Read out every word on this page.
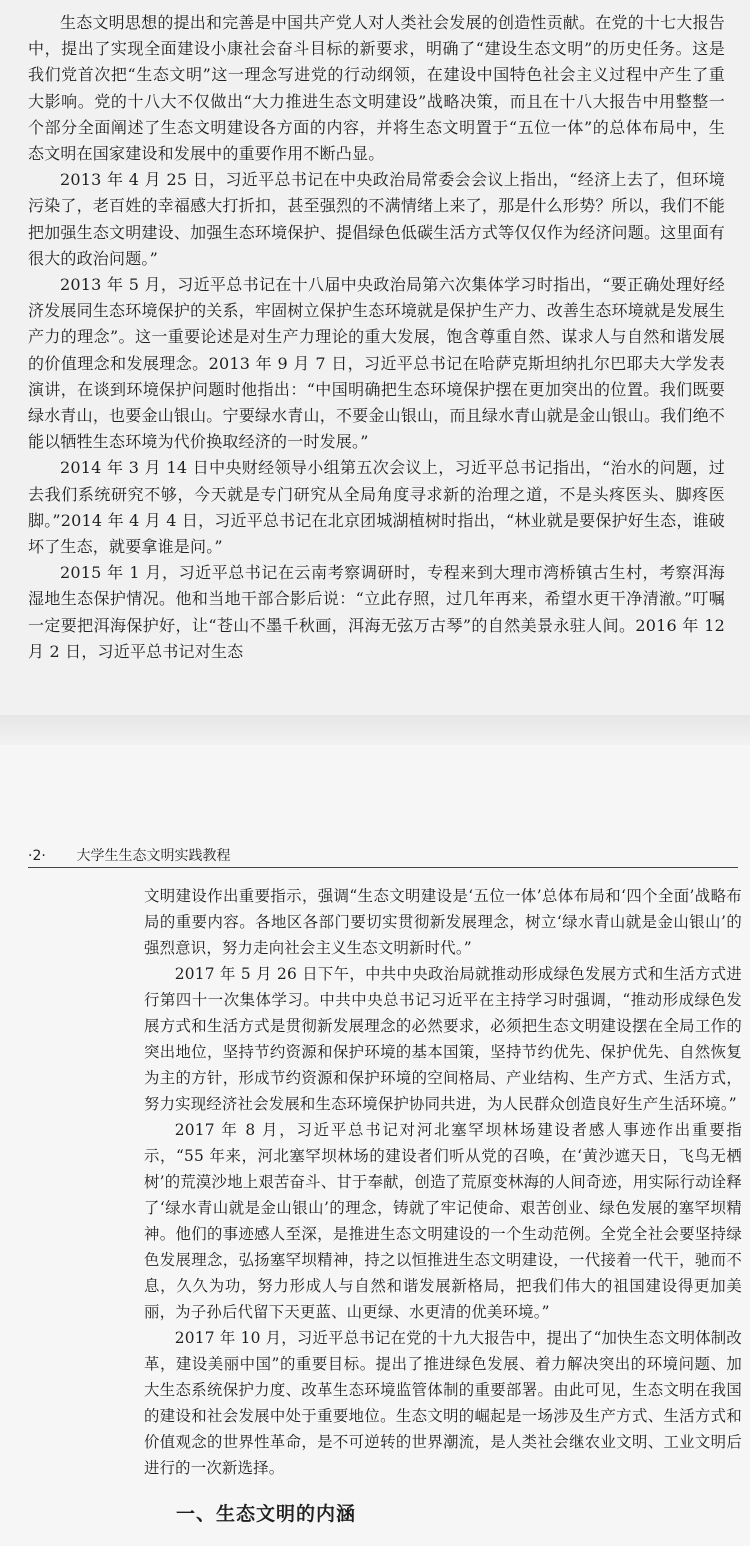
生态文明思想的提出和完善是中国共产党人对人类社会发展的创造性贡献。在党的十七大报告中，提出了实现全面建设小康社会奋斗目标的新要求，明确了“建设生态文明”的历史任务。这是我们党首次把“生态文明”这一理念写进党的行动纲领，在建设中国特色社会主义过程中产生了重大影响。党的十八大不仅做出“大力推进生态文明建设”战略决策，而且在十八大报告中用整整一个部分全面阐述了生态文明建设各方面的内容，并将生态文明置于“五位一体”的总体布局中，生态文明在国家建设和发展中的重要作用不断凸显。

2013 年 4 月 25 日，习近平总书记在中央政治局常委会会议上指出，“经济上去了，但环境污染了，老百姓的幸福感大打折扣，甚至强烈的不满情绪上来了，那是什么形势？所以，我们不能把加强生态文明建设、加强生态环境保护、提倡绿色低碳生活方式等仅仅作为经济问题。这里面有很大的政治问题。”

2013 年 5 月，习近平总书记在十八届中央政治局第六次集体学习时指出，“要正确处理好经济发展同生态环境保护的关系，牢固树立保护生态环境就是保护生产力、改善生态环境就是发展生产力的理念”。这一重要论述是对生产力理论的重大发展，饱含尊重自然、谋求人与自然和谐发展的价值理念和发展理念。2013 年 9 月 7 日，习近平总书记在哈萨克斯坦纳扎尔巴耶夫大学发表演讲，在谈到环境保护问题时他指出：“中国明确把生态环境保护摆在更加突出的位置。我们既要绿水青山，也要金山银山。宁要绿水青山，不要金山银山，而且绿水青山就是金山银山。我们绝不能以牺牲生态环境为代价换取经济的一时发展。”

2014 年 3 月 14 日中央财经领导小组第五次会议上，习近平总书记指出，“治水的问题，过去我们系统研究不够，今天就是专门研究从全局角度寻求新的治理之道，不是头疼医头、脚疼医脚。”2014 年 4 月 4 日，习近平总书记在北京团城湖植树时指出，“林业就是要保护好生态，谁破坏了生态，就要拿谁是问。”

2015 年 1 月，习近平总书记在云南考察调研时，专程来到大理市湾桥镇古生村，考察洱海湿地生态保护情况。他和当地干部合影后说：“立此存照，过几年再来，希望水更干净清澈。”叮嘱一定要把洱海保护好，让“苍山不墨千秋画，洱海无弦万古琴”的自然美景永驻人间。2016 年 12 月 2 日，习近平总书记对生态

·2· 大学生生态文明实践教程

文明建设作出重要指示，强调“生态文明建设是‘五位一体’总体布局和‘四个全面’战略布局的重要内容。各地区各部门要切实贯彻新发展理念，树立‘绿水青山就是金山银山’的强烈意识，努力走向社会主义生态文明新时代。”

2017 年 5 月 26 日下午，中共中央政治局就推动形成绿色发展方式和生活方式进行第四十一次集体学习。中共中央总书记习近平在主持学习时强调，“推动形成绿色发展方式和生活方式是贯彻新发展理念的必然要求，必须把生态文明建设摆在全局工作的突出地位，坚持节约资源和保护环境的基本国策，坚持节约优先、保护优先、自然恢复为主的方针，形成节约资源和保护环境的空间格局、产业结构、生产方式、生活方式，努力实现经济社会发展和生态环境保护协同共进，为人民群众创造良好生产生活环境。”

2017 年 8 月，习近平总书记对河北塞罕坝林场建设者感人事迹作出重要指示，“55 年来，河北塞罕坝林场的建设者们听从党的召唤，在‘黄沙遮天日，飞鸟无栖树’的荒漠沙地上艰苦奋斗、甘于奉献，创造了荒原变林海的人间奇迹，用实际行动诠释了‘绿水青山就是金山银山’的理念，铸就了牢记使命、艰苦创业、绿色发展的塞罕坝精神。他们的事迹感人至深，是推进生态文明建设的一个生动范例。全党全社会要坚持绿色发展理念，弘扬塞罕坝精神，持之以恒推进生态文明建设，一代接着一代干，驰而不息，久久为功，努力形成人与自然和谐发展新格局，把我们伟大的祖国建设得更加美丽，为子孙后代留下天更蓝、山更绿、水更清的优美环境。”

2017 年 10 月，习近平总书记在党的十九大报告中，提出了“加快生态文明体制改革，建设美丽中国”的重要目标。提出了推进绿色发展、着力解决突出的环境问题、加大生态系统保护力度、改革生态环境监管体制的重要部署。由此可见，生态文明在我国的建设和社会发展中处于重要地位。生态文明的崛起是一场涉及生产方式、生活方式和价值观念的世界性革命，是不可逆转的世界潮流，是人类社会继农业文明、工业文明后进行的一次新选择。

一、生态文明的内涵
